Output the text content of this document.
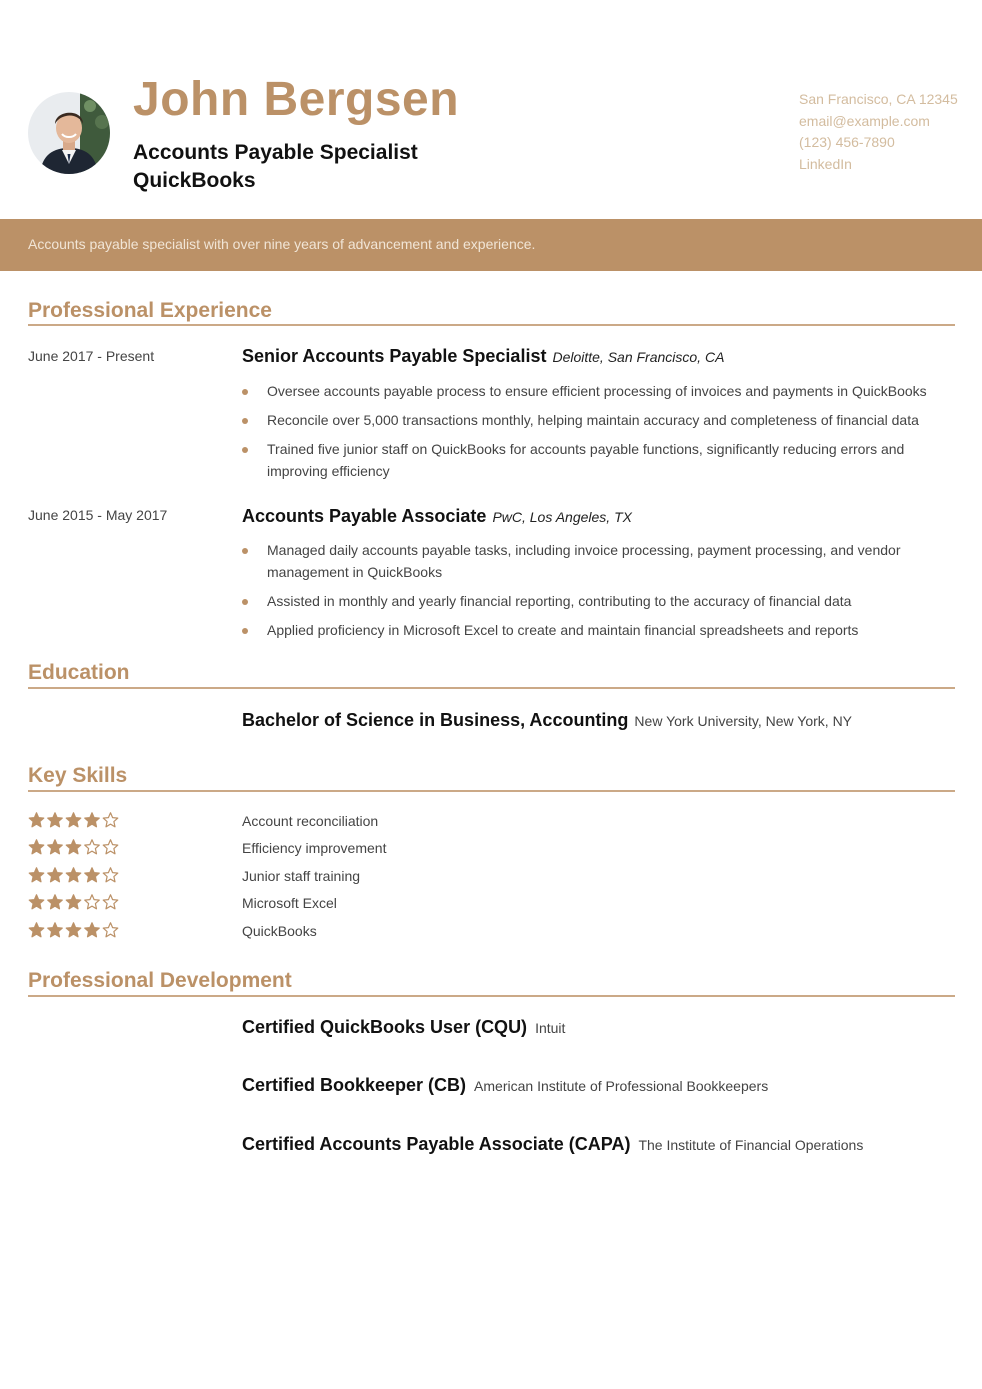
John Bergsen
Accounts Payable Specialist
QuickBooks
San Francisco, CA 12345
email@example.com
(123) 456-7890
LinkedIn
Accounts payable specialist with over nine years of advancement and experience.
Professional Experience
June 2017 - Present	Senior Accounts Payable Specialist Deloitte, San Francisco, CA
Oversee accounts payable process to ensure efficient processing of invoices and payments in QuickBooks
Reconcile over 5,000 transactions monthly, helping maintain accuracy and completeness of financial data
Trained five junior staff on QuickBooks for accounts payable functions, significantly reducing errors and improving efficiency
June 2015 - May 2017	Accounts Payable Associate PwC, Los Angeles, TX
Managed daily accounts payable tasks, including invoice processing, payment processing, and vendor management in QuickBooks
Assisted in monthly and yearly financial reporting, contributing to the accuracy of financial data
Applied proficiency in Microsoft Excel to create and maintain financial spreadsheets and reports
Education
Bachelor of Science in Business, Accounting New York University, New York, NY
Key Skills
Account reconciliation
Efficiency improvement
Junior staff training
Microsoft Excel
QuickBooks
Professional Development
Certified QuickBooks User (CQU) Intuit
Certified Bookkeeper (CB) American Institute of Professional Bookkeepers
Certified Accounts Payable Associate (CAPA) The Institute of Financial Operations
